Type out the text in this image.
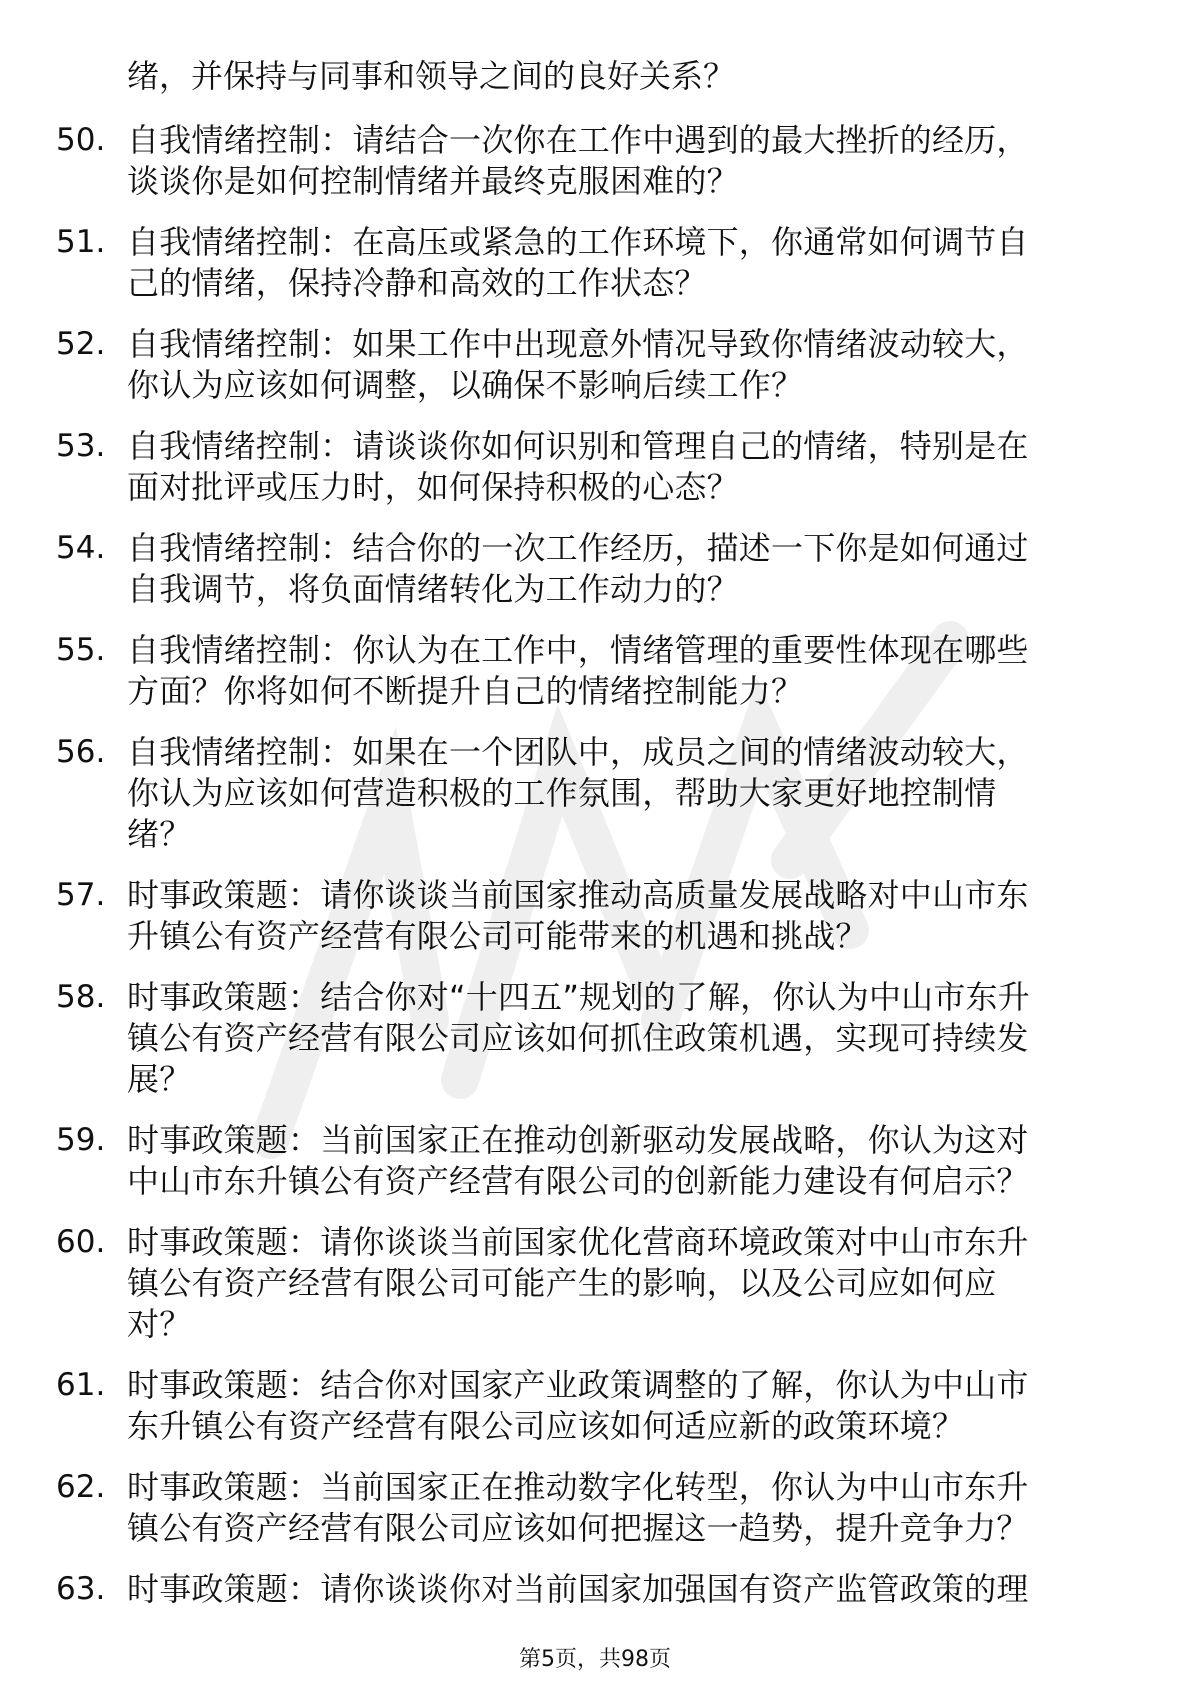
绪，并保持与同事和领导之间的良好关系？
50. 自我情绪控制：请结合一次你在工作中遇到的最大挫折的经历，
谈谈你是如何控制情绪并最终克服困难的？
51. 自我情绪控制：在高压或紧急的工作环境下，你通常如何调节自
己的情绪，保持冷静和高效的工作状态？
52. 自我情绪控制：如果工作中出现意外情况导致你情绪波动较大，
你认为应该如何调整，以确保不影响后续工作？
53. 自我情绪控制：请谈谈你如何识别和管理自己的情绪，特别是在
面对批评或压力时，如何保持积极的心态？
54. 自我情绪控制：结合你的一次工作经历，描述一下你是如何通过
自我调节，将负面情绪转化为工作动力的？
55. 自我情绪控制：你认为在工作中，情绪管理的重要性体现在哪些
方面？你将如何不断提升自己的情绪控制能力？
56. 自我情绪控制：如果在一个团队中，成员之间的情绪波动较大，
你认为应该如何营造积极的工作氛围，帮助大家更好地控制情
绪？
57. 时事政策题：请你谈谈当前国家推动高质量发展战略对中山市东
升镇公有资产经营有限公司可能带来的机遇和挑战？
58. 时事政策题：结合你对“十四五”规划的了解，你认为中山市东升
镇公有资产经营有限公司应该如何抓住政策机遇，实现可持续发
展？
59. 时事政策题：当前国家正在推动创新驱动发展战略，你认为这对
中山市东升镇公有资产经营有限公司的创新能力建设有何启示？
60. 时事政策题：请你谈谈当前国家优化营商环境政策对中山市东升
镇公有资产经营有限公司可能产生的影响，以及公司应如何应
对？
61. 时事政策题：结合你对国家产业政策调整的了解，你认为中山市
东升镇公有资产经营有限公司应该如何适应新的政策环境？
62. 时事政策题：当前国家正在推动数字化转型，你认为中山市东升
镇公有资产经营有限公司应该如何把握这一趋势，提升竞争力？
63. 时事政策题：请你谈谈你对当前国家加强国有资产监管政策的理
第5页，共98页
